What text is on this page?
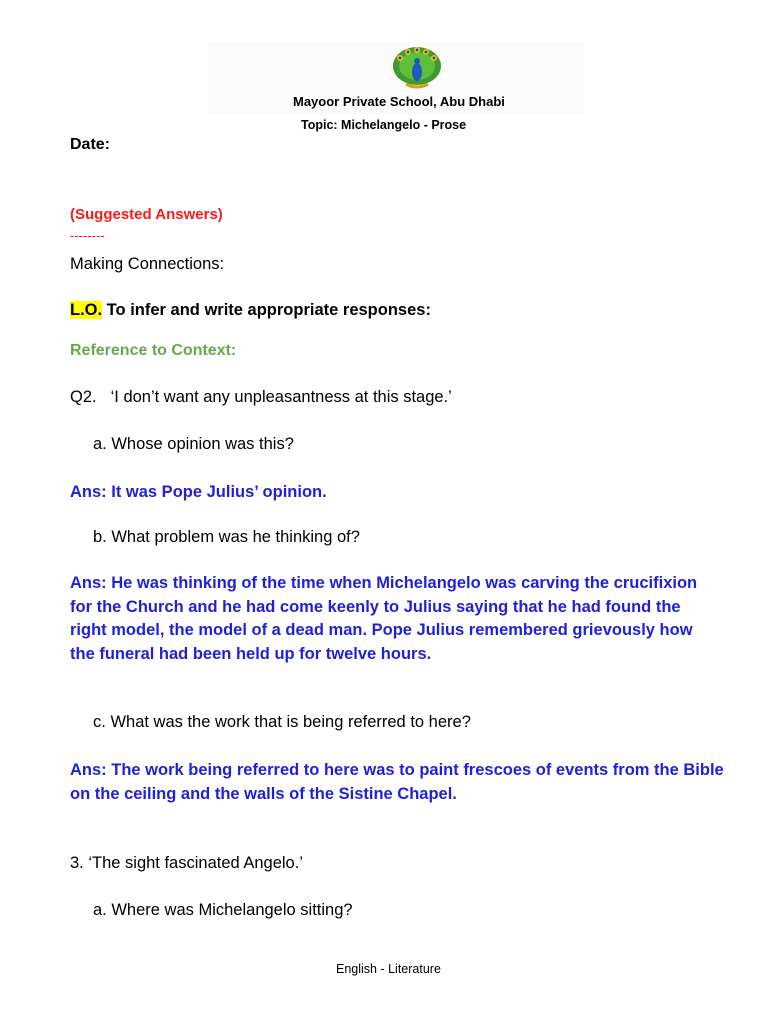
Mayoor Private School, Abu Dhabi
Topic: Michelangelo - Prose
Date:
(Suggested Answers)
--------
Making Connections:
L.O. To infer and write appropriate responses:
Reference to Context:
Q2. ‘I don’t want any unpleasantness at this stage.’
a. Whose opinion was this?
Ans: It was Pope Julius’ opinion.
b. What problem was he thinking of?
Ans: He was thinking of the time when Michelangelo was carving the crucifixion for the Church and he had come keenly to Julius saying that he had found the right model, the model of a dead man. Pope Julius remembered grievously how the funeral had been held up for twelve hours.
c. What was the work that is being referred to here?
Ans: The work being referred to here was to paint frescoes of events from the Bible on the ceiling and the walls of the Sistine Chapel.
3. ‘The sight fascinated Angelo.’
a. Where was Michelangelo sitting?
English - Literature
